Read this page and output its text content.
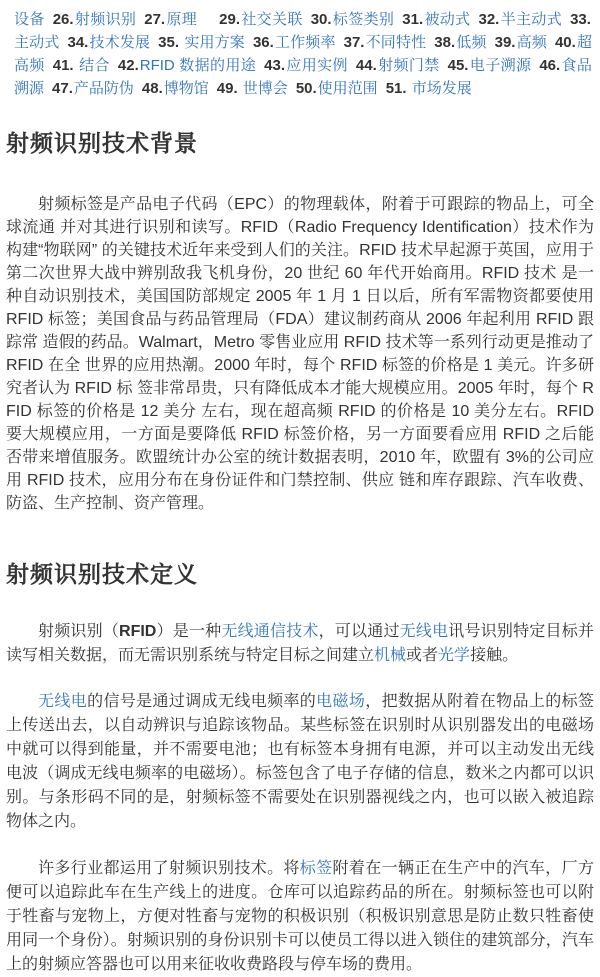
设备 26.射频识别 27.原理 29.社交关联 30.标签类别 31.被动式 32.半主动式 33.主动式 34.技术发展 35. 实用方案 36.工作频率 37.不同特性 38.低频 39.高频 40.超高频 41. 结合 42.RFID 数据的用途 43.应用实例 44.射频门禁 45.电子溯源 46.食品溯源 47.产品防伪 48.博物馆 49. 世博会 50.使用范围 51. 市场发展
射频识别技术背景

射频标签是产品电子代码（EPC）的物理载体，附着于可跟踪的物品上，可全球流通 并对其进行识别和读写。RFID（Radio Frequency Identification）技术作为构建“物联网” 的关键技术近年来受到人们的关注。RFID 技术早起源于英国，应用于第二次世界大战中辨别敌我飞机身份，20 世纪 60 年代开始商用。RFID 技术 是一种自动识别技术，美国国防部规定 2005 年 1 月 1 日以后，所有军需物资都要使用 RFID 标签；美国食品与药品管理局（FDA）建议制药商从 2006 年起利用 RFID 跟踪常 造假的药品。Walmart，Metro 零售业应用 RFID 技术等一系列行动更是推动了 RFID 在全 世界的应用热潮。2000 年时，每个 RFID 标签的价格是 1 美元。许多研究者认为 RFID 标 签非常昂贵，只有降低成本才能大规模应用。2005 年时，每个 RFID 标签的价格是 12 美分 左右，现在超高频 RFID 的价格是 10 美分左右。RFID 要大规模应用，一方面是要降低 RFID 标签价格，另一方面要看应用 RFID 之后能否带来增值服务。欧盟统计办公室的统计数据表明，2010 年，欧盟有 3%的公司应用 RFID 技术，应用分布在身份证件和门禁控制、供应 链和库存跟踪、汽车收费、防盗、生产控制、资产管理。

射频识别技术定义

射频识别（RFID）是一种无线通信技术，可以通过无线电讯号识别特定目标并读写相关数据，而无需识别系统与特定目标之间建立机械或者光学接触。

无线电的信号是通过调成无线电频率的电磁场，把数据从附着在物品上的标签上传送出去，以自动辨识与追踪该物品。某些标签在识别时从识别器发出的电磁场中就可以得到能量，并不需要电池；也有标签本身拥有电源，并可以主动发出无线电波（调成无线电频率的电磁场）。标签包含了电子存储的信息，数米之内都可以识别。与条形码不同的是，射频标签不需要处在识别器视线之内，也可以嵌入被追踪物体之内。

许多行业都运用了射频识别技术。将标签附着在一辆正在生产中的汽车，厂方便可以追踪此车在生产线上的进度。仓库可以追踪药品的所在。射频标签也可以附于牲畜与宠物上，方便对牲畜与宠物的积极识别（积极识别意思是防止数只牲畜使用同一个身份）。射频识别的身份识别卡可以使员工得以进入锁住的建筑部分，汽车上的射频应答器也可以用来征收收费路段与停车场的费用。
